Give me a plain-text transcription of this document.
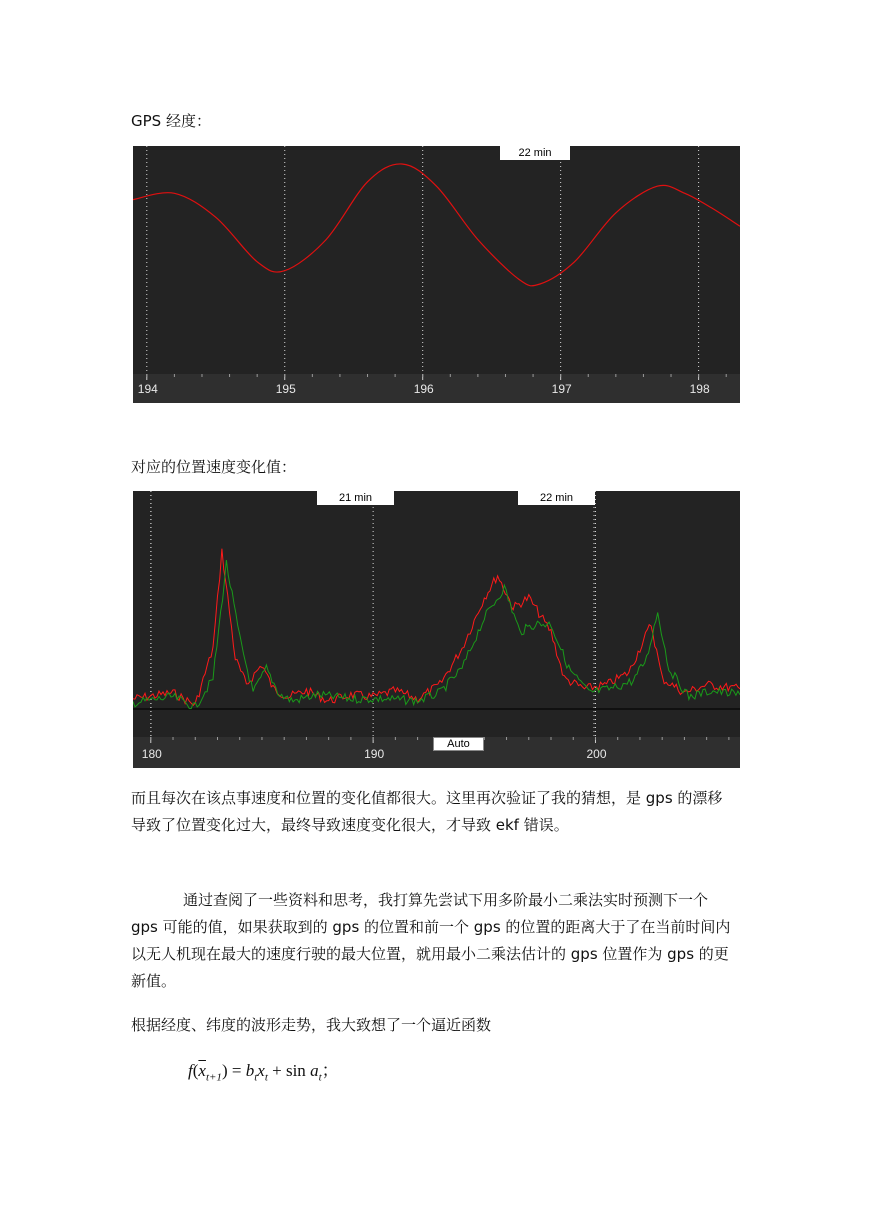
GPS 经度：
22 min
194	195	196	197	198
对应的位置速度变化值：
21 min	22 min
Auto
180	190	200

而且每次在该点事速度和位置的变化值都很大。这里再次验证了我的猜想，是 gps 的漂移导致了位置变化过大，最终导致速度变化很大，才导致 ekf 错误。

通过查阅了一些资料和思考，我打算先尝试下用多阶最小二乘法实时预测下一个 gps 可能的值，如果获取到的 gps 的位置和前一个 gps 的位置的距离大于了在当前时间内以无人机现在最大的速度行驶的最大位置，就用最小二乘法估计的 gps 位置作为 gps 的更新值。

根据经度、纬度的波形走势，我大致想了一个逼近函数

$f(\overline{x}_{t+1}) = b_tx_t + \sin a_t$；
